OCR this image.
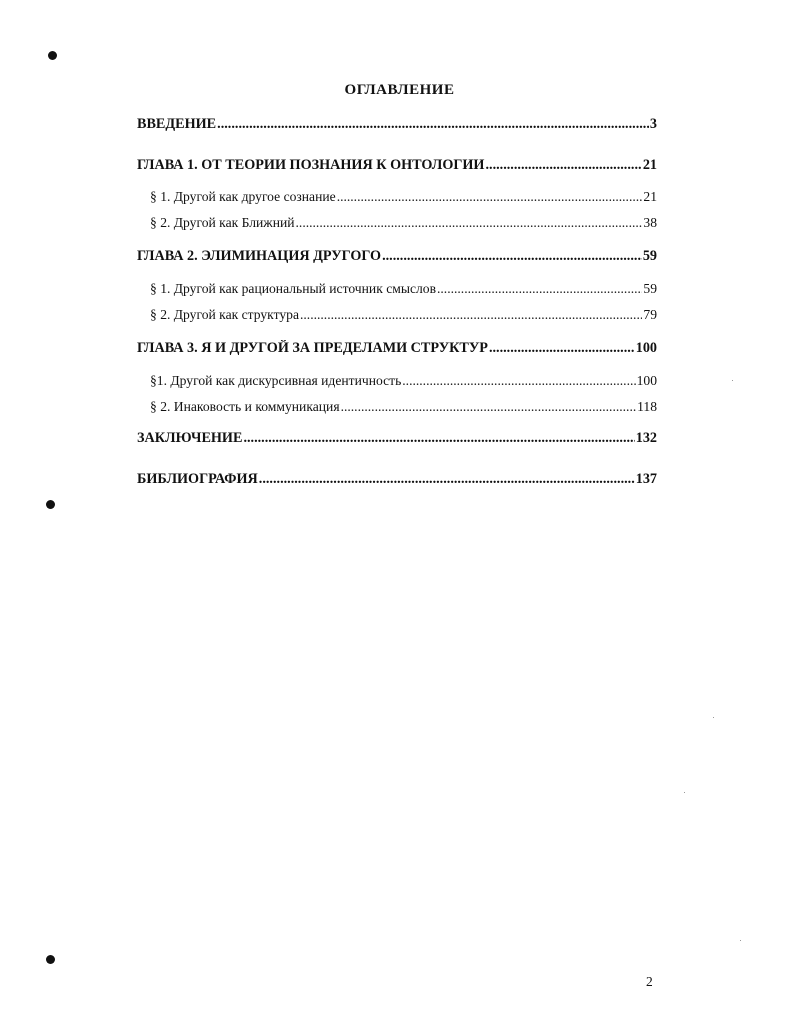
ОГЛАВЛЕНИЕ
ВВЕДЕНИЕ .....	3
ГЛАВА 1. ОТ ТЕОРИИ ПОЗНАНИЯ К ОНТОЛОГИИ .....	21
§ 1. Другой как другое сознание .....	21
§ 2. Другой как Ближний .....	38
ГЛАВА 2. ЭЛИМИНАЦИЯ ДРУГОГО .....	59
§ 1. Другой как рациональный источник смыслов .....	59
§ 2. Другой как структура .....	79
ГЛАВА 3. Я И ДРУГОЙ ЗА ПРЕДЕЛАМИ СТРУКТУР .....	100
§1. Другой как дискурсивная идентичность .....	100
§ 2. Инаковость и коммуникация .....	118
ЗАКЛЮЧЕНИЕ .....	132
БИБЛИОГРАФИЯ .....	137
2
